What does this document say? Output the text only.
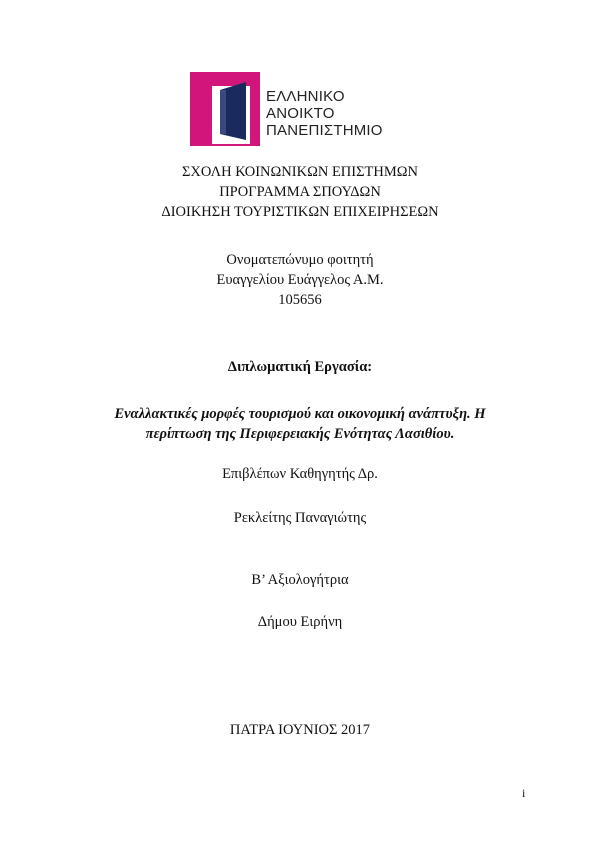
ΕΛΛΗΝΙΚΟ
ΑΝΟΙΚΤΟ
ΠΑΝΕΠΙΣΤΗΜΙΟ
ΣΧΟΛΗ ΚΟΙΝΩΝΙΚΩΝ ΕΠΙΣΤΗΜΩΝ
ΠΡΟΓΡΑΜΜΑ ΣΠΟΥΔΩΝ
ΔΙΟΙΚΗΣΗ ΤΟΥΡΙΣΤΙΚΩΝ ΕΠΙΧΕΙΡΗΣΕΩΝ
Ονοματεπώνυμο φοιτητή
Ευαγγελίου Ευάγγελος Α.Μ.
105656
Διπλωματική Εργασία:
Εναλλακτικές μορφές τουρισμού και οικονομική ανάπτυξη. Η
περίπτωση της Περιφερειακής Ενότητας Λασιθίου.
Επιβλέπων Καθηγητής Δρ.
Ρεκλείτης Παναγιώτης
Β’ Αξιολογήτρια
Δήμου Ειρήνη
ΠΑΤΡΑ ΙΟΥΝΙΟΣ 2017
i
